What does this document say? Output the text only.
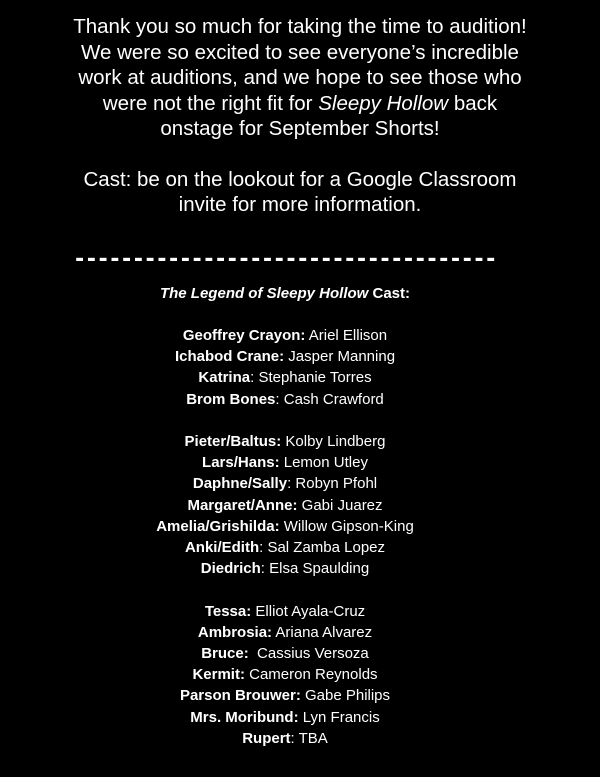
Thank you so much for taking the time to audition!

We were so excited to see everyone’s incredible

work at auditions, and we hope to see those who

were not the right fit for Sleepy Hollow back

onstage for September Shorts!

Cast: be on the lookout for a Google Classroom

invite for more information.

------------------------------------
The Legend of Sleepy Hollow Cast:

Geoffrey Crayon: Ariel Ellison

Ichabod Crane: Jasper Manning

Katrina: Stephanie Torres

Brom Bones: Cash Crawford

Pieter/Baltus: Kolby Lindberg

Lars/Hans: Lemon Utley

Daphne/Sally: Robyn Pfohl

Margaret/Anne: Gabi Juarez

Amelia/Grishilda: Willow Gipson-King

Anki/Edith: Sal Zamba Lopez

Diedrich: Elsa Spaulding

Tessa: Elliot Ayala-Cruz

Ambrosia: Ariana Alvarez

Bruce:  Cassius Versoza

Kermit: Cameron Reynolds

Parson Brouwer: Gabe Philips

Mrs. Moribund: Lyn Francis

Rupert: TBA
